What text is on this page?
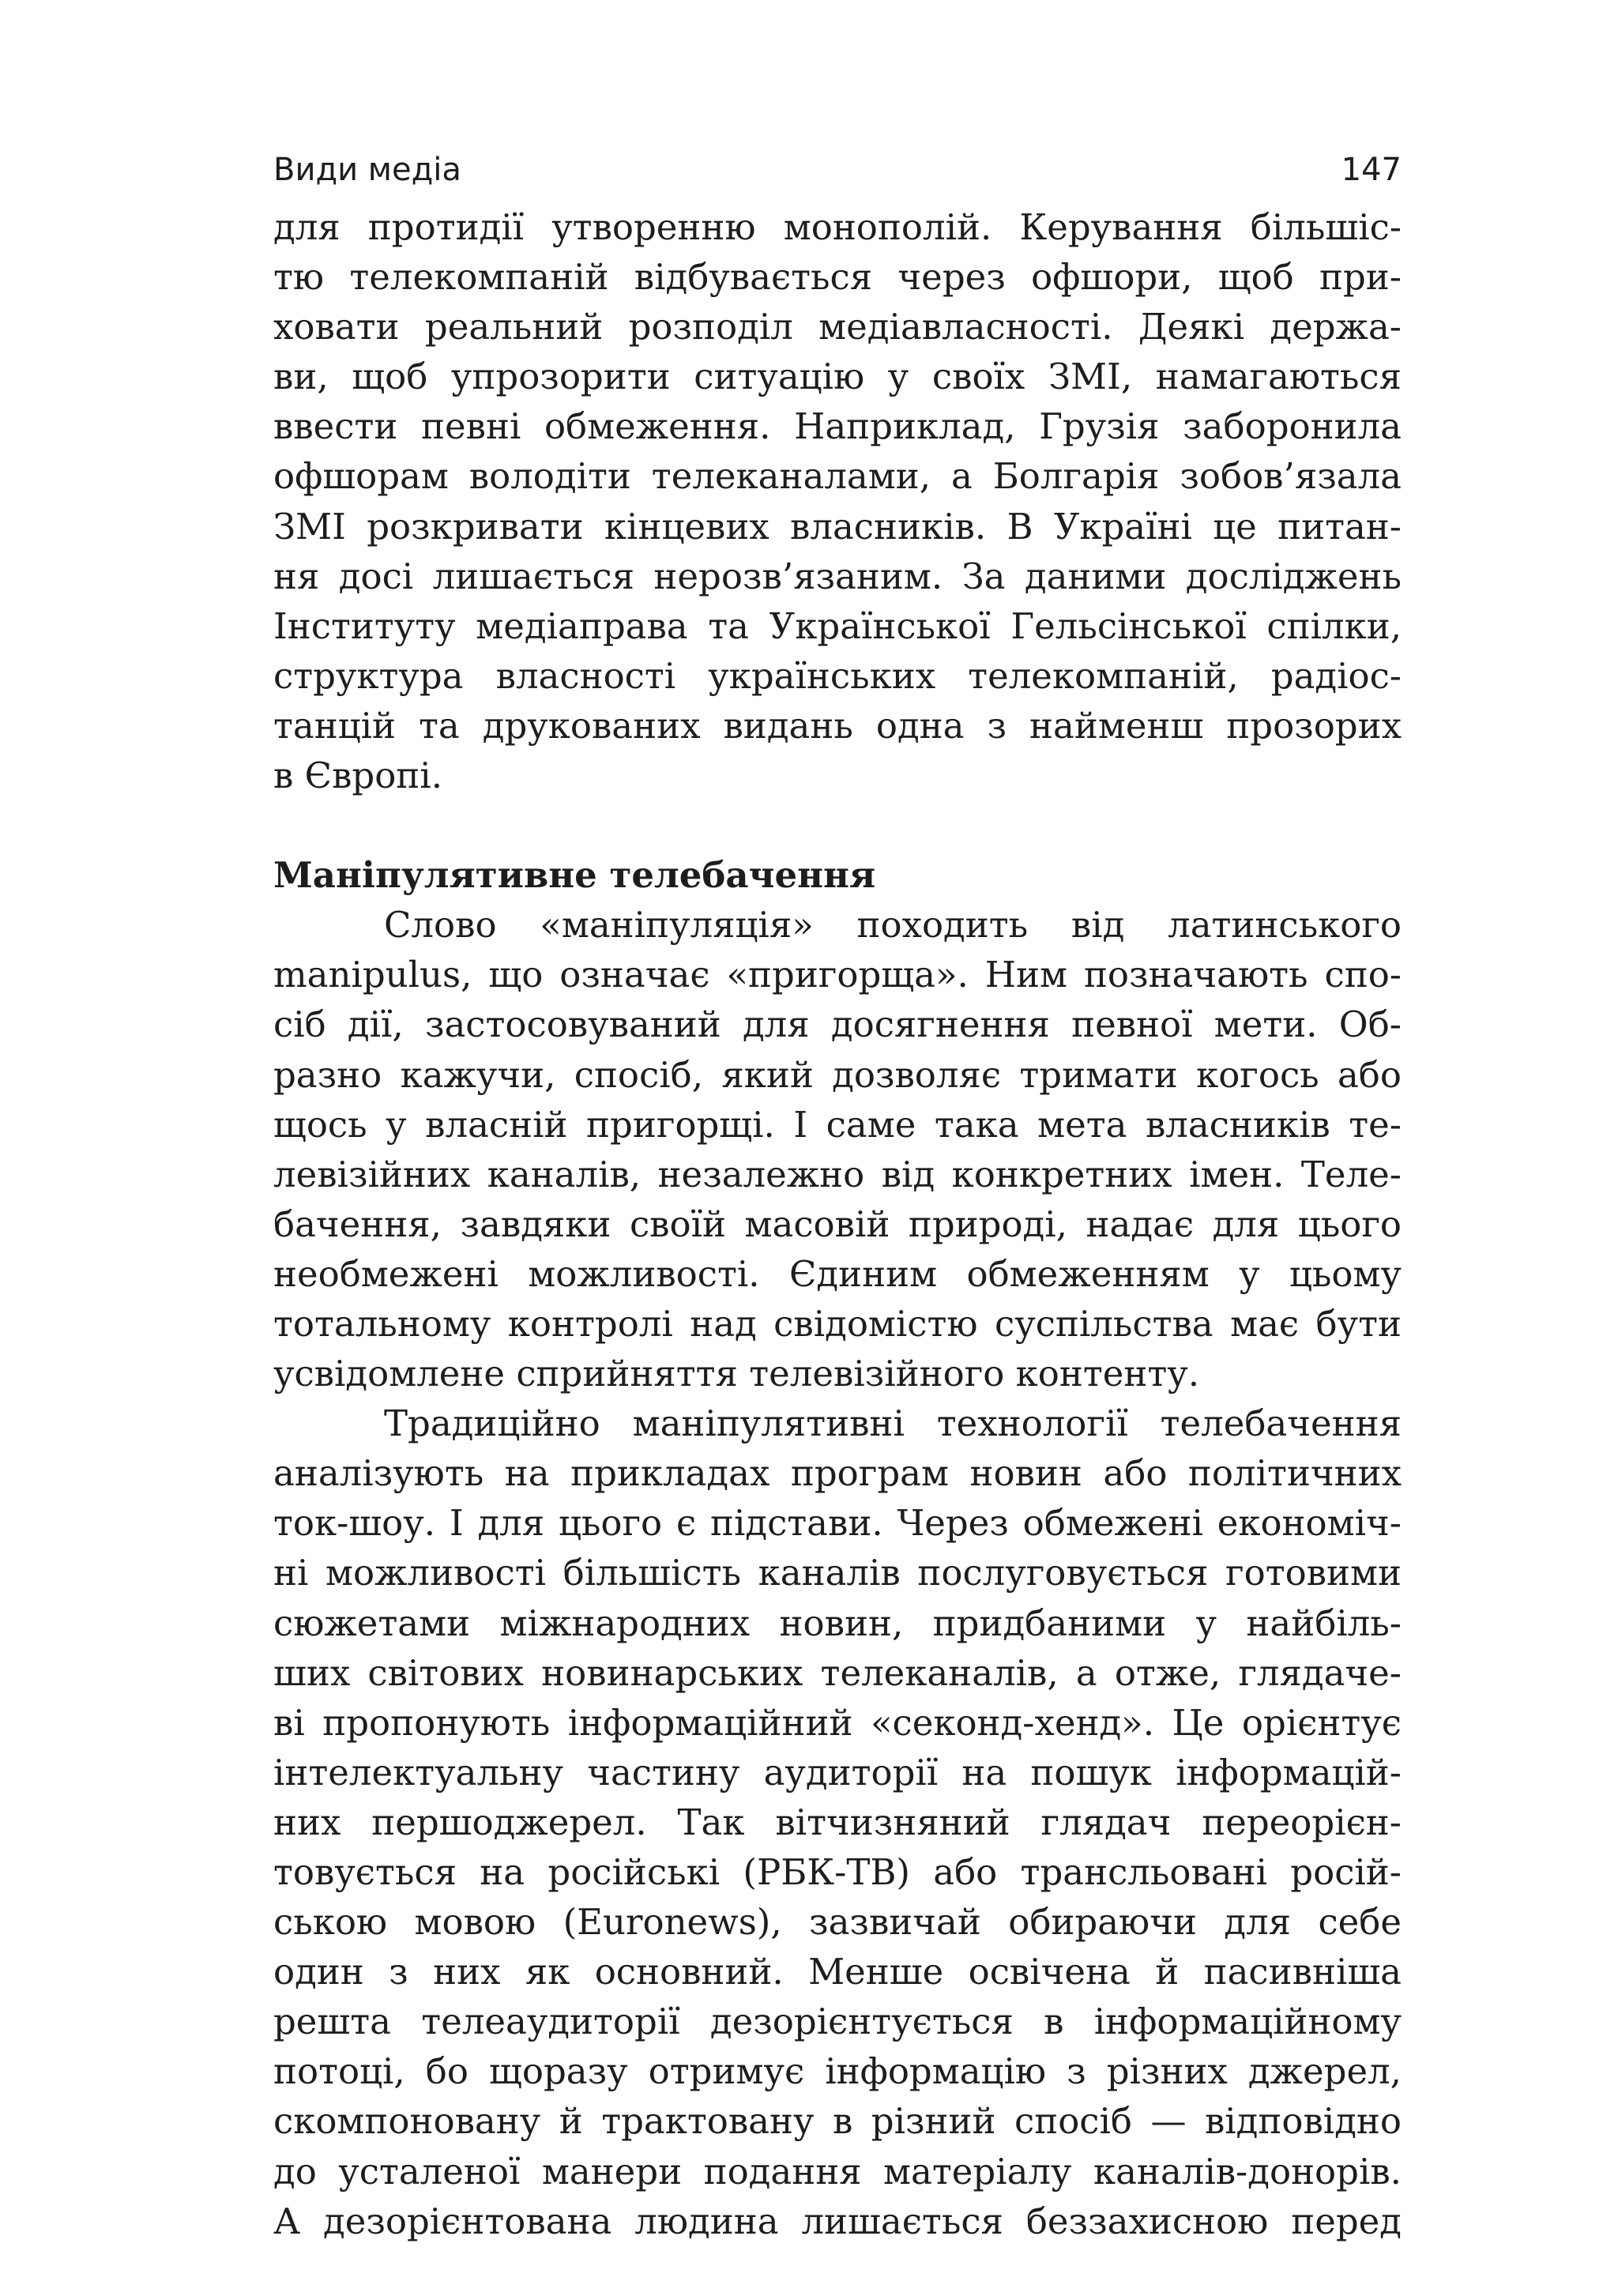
Види медіа	147
для протидії утворенню монополій. Керування більшіс-
тю телекомпаній відбувається через офшори, щоб при-
ховати реальний розподіл медіавласності. Деякі держа-
ви, щоб упрозорити ситуацію у своїх ЗМІ, намагаються
ввести певні обмеження. Наприклад, Грузія заборонила
офшорам володіти телеканалами, а Болгарія зобов’язала
ЗМІ розкривати кінцевих власників. В Україні це питан-
ня досі лишається нерозв’язаним. За даними досліджень
Інституту медіаправа та Української Гельсінської спілки,
структура власності українських телекомпаній, радіос-
танцій та друкованих видань одна з найменш прозорих
в Європі.
Маніпулятивне телебачення
Слово «маніпуляція» походить від латинського
manipulus, що означає «пригорща». Ним позначають спо-
сіб дії, застосовуваний для досягнення певної мети. Об-
разно кажучи, спосіб, який дозволяє тримати когось або
щось у власній пригорщі. І саме така мета власників те-
левізійних каналів, незалежно від конкретних імен. Теле-
бачення, завдяки своїй масовій природі, надає для цього
необмежені можливості. Єдиним обмеженням у цьому
тотальному контролі над свідомістю суспільства має бути
усвідомлене сприйняття телевізійного контенту.
Традиційно маніпулятивні технології телебачення
аналізують на прикладах програм новин або політичних
ток-шоу. І для цього є підстави. Через обмежені економіч-
ні можливості більшість каналів послуговується готовими
сюжетами міжнародних новин, придбаними у найбіль-
ших світових новинарських телеканалів, а отже, глядаче-
ві пропонують інформаційний «секонд-хенд». Це орієнтує
інтелектуальну частину аудиторії на пошук інформацій-
них першоджерел. Так вітчизняний глядач переорієн-
товується на російські (РБК-ТВ) або трансльовані росій-
ською мовою (Euronews), зазвичай обираючи для себе
один з них як основний. Менше освічена й пасивніша
решта телеаудиторії дезорієнтується в інформаційному
потоці, бо щоразу отримує інформацію з різних джерел,
скомпоновану й трактовану в різний спосіб — відповідно
до усталеної манери подання матеріалу каналів-донорів.
А дезорієнтована людина лишається беззахисною перед
